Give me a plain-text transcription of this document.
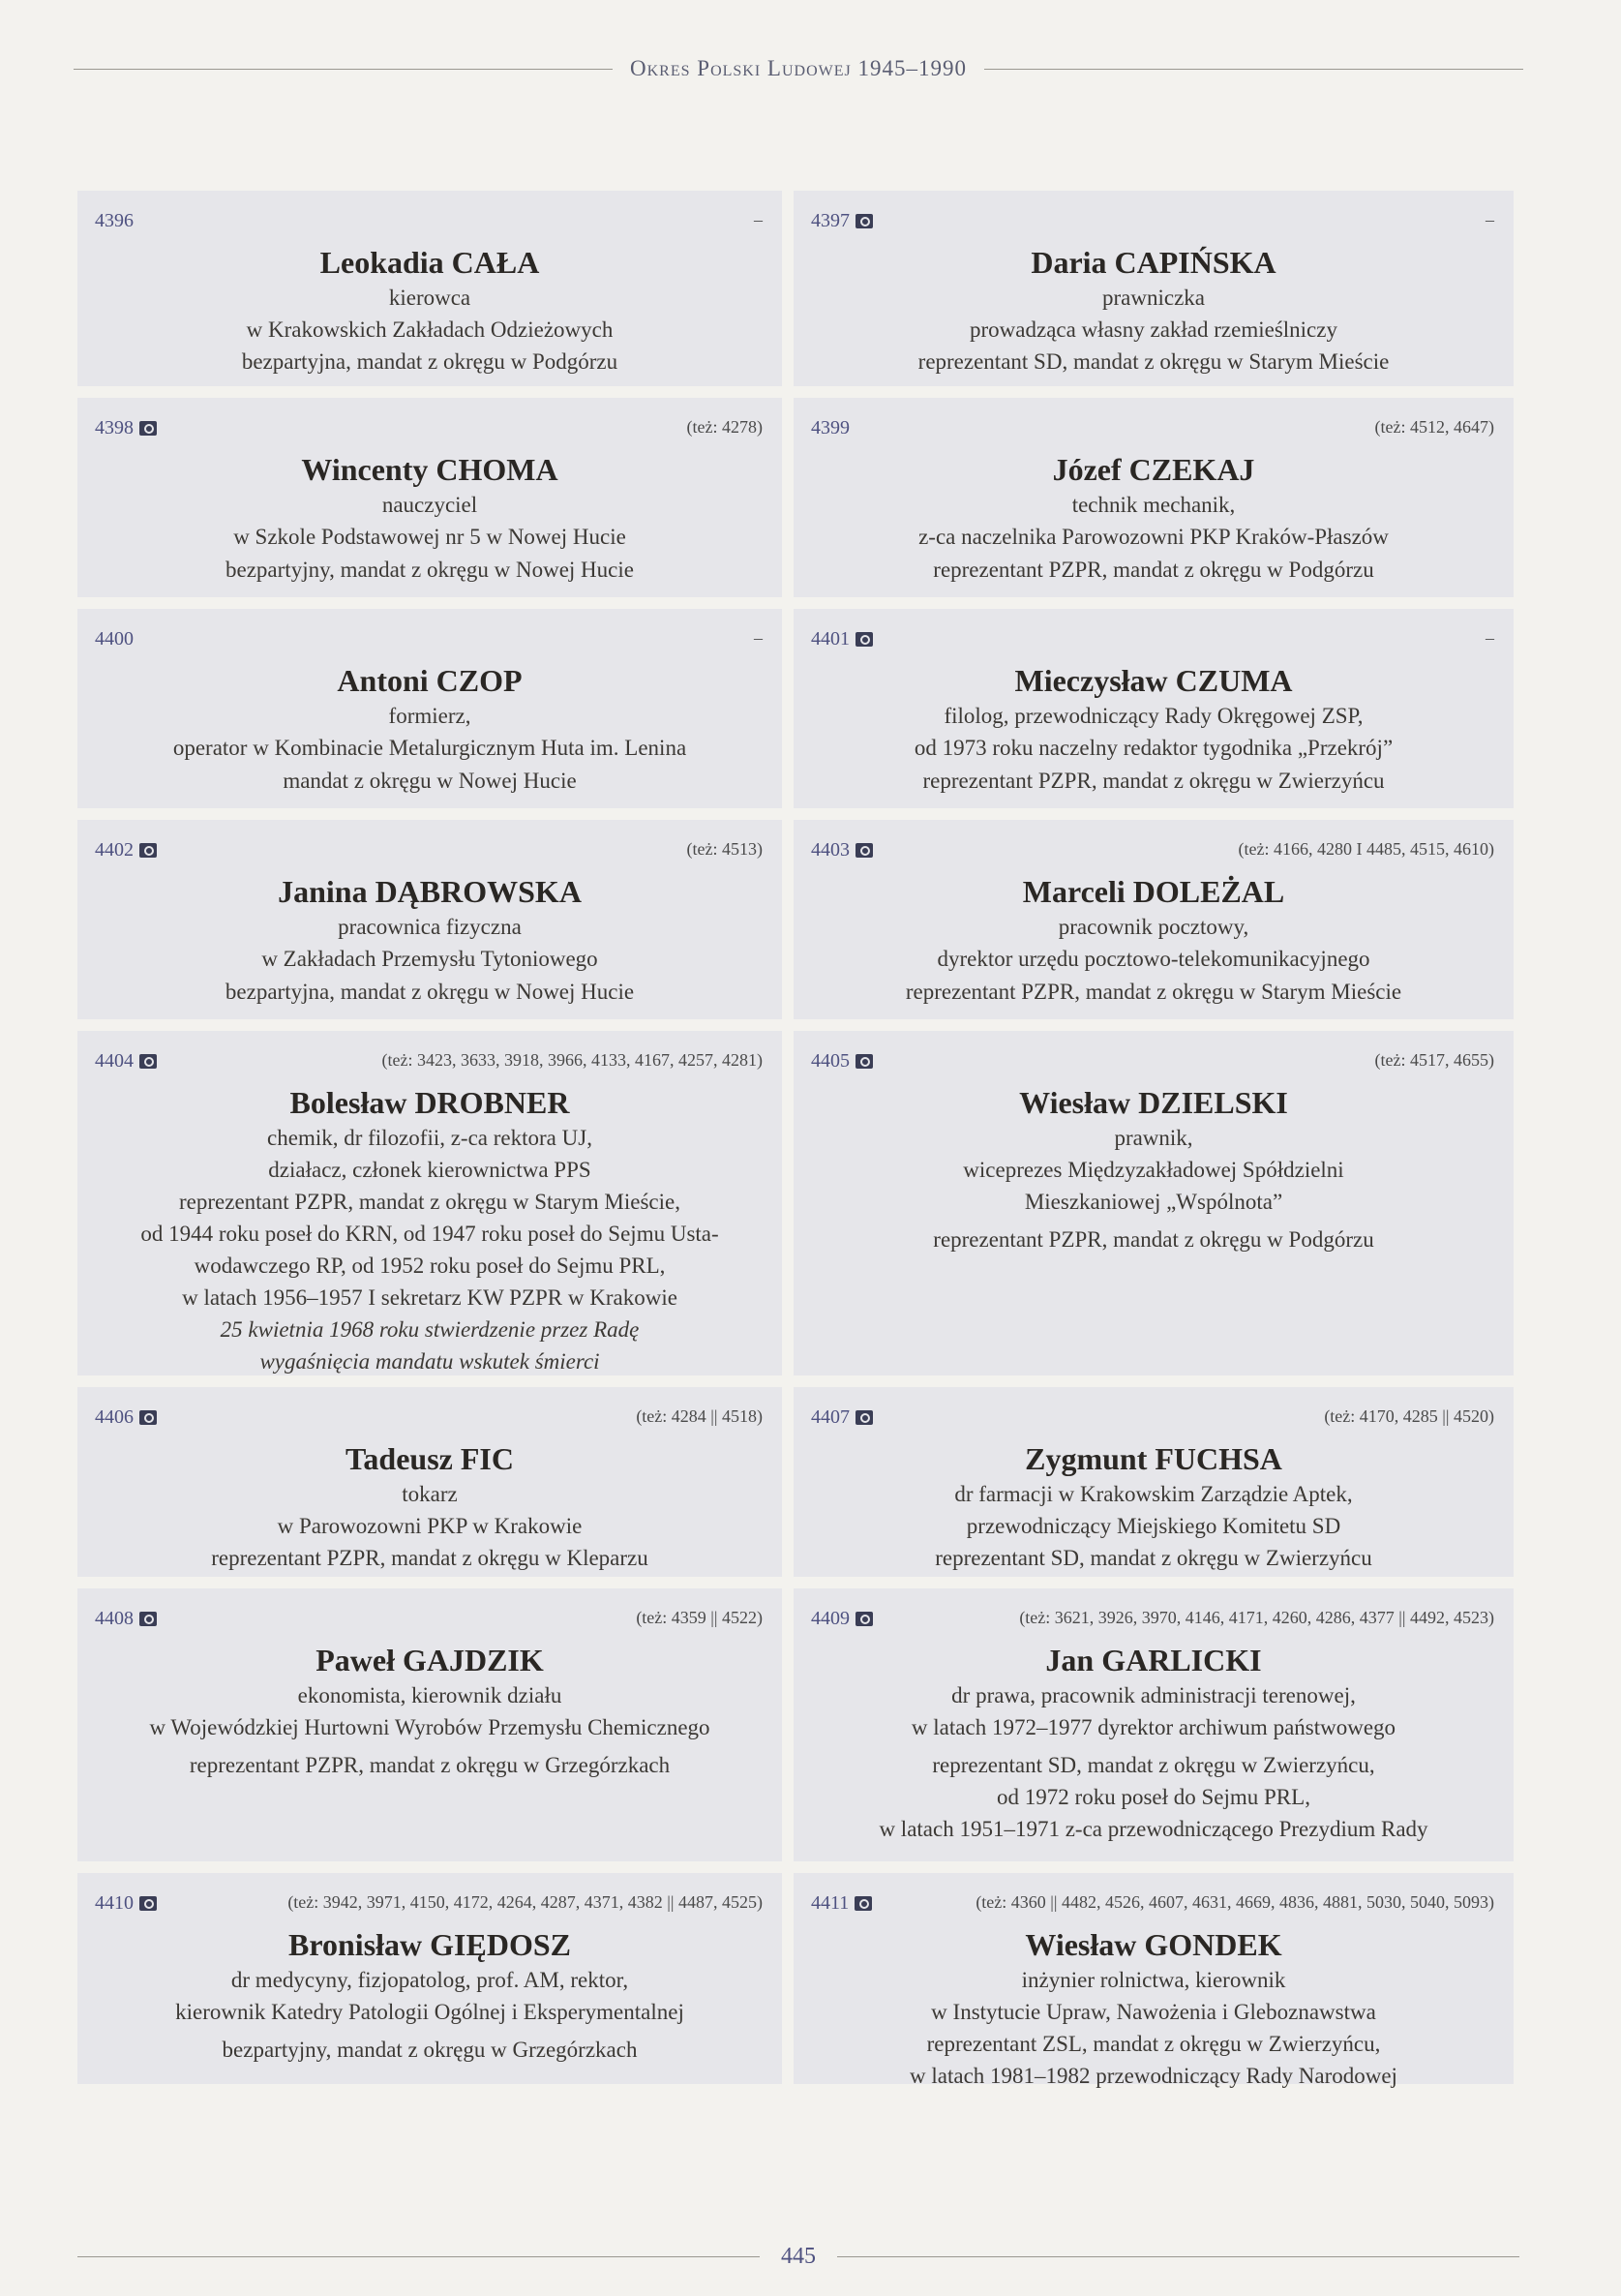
Okres Polski Ludowej 1945–1990
4396	–
Leokadia CAŁA
kierowca
w Krakowskich Zakładach Odzieżowych
bezpartyjna, mandat z okręgu w Podgórzu
4397	–
Daria CAPIŃSKA
prawniczka
prowadząca własny zakład rzemieślniczy
reprezentant SD, mandat z okręgu w Starym Mieście
4398	(też: 4278)
Wincenty CHOMA
nauczyciel
w Szkole Podstawowej nr 5 w Nowej Hucie
bezpartyjny, mandat z okręgu w Nowej Hucie
4399	(też: 4512, 4647)
Józef CZEKAJ
technik mechanik,
z-ca naczelnika Parowozowni PKP Kraków-Płaszów
reprezentant PZPR, mandat z okręgu w Podgórzu
4400	–
Antoni CZOP
formierz,
operator w Kombinacie Metalurgicznym Huta im. Lenina
mandat z okręgu w Nowej Hucie
4401	–
Mieczysław CZUMA
filolog, przewodniczący Rady Okręgowej ZSP,
od 1973 roku naczelny redaktor tygodnika „Przekrój”
reprezentant PZPR, mandat z okręgu w Zwierzyńcu
4402	(też: 4513)
Janina DĄBROWSKA
pracownica fizyczna
w Zakładach Przemysłu Tytoniowego
bezpartyjna, mandat z okręgu w Nowej Hucie
4403	(też: 4166, 4280 I 4485, 4515, 4610)
Marceli DOLEŻAL
pracownik pocztowy,
dyrektor urzędu pocztowo-telekomunikacyjnego
reprezentant PZPR, mandat z okręgu w Starym Mieście
4404	(też: 3423, 3633, 3918, 3966, 4133, 4167, 4257, 4281)
Bolesław DROBNER
chemik, dr filozofii, z-ca rektora UJ,
działacz, członek kierownictwa PPS
reprezentant PZPR, mandat z okręgu w Starym Mieście,
od 1944 roku poseł do KRN, od 1947 roku poseł do Sejmu Usta-
wodawczego RP, od 1952 roku poseł do Sejmu PRL,
w latach 1956–1957 I sekretarz KW PZPR w Krakowie
25 kwietnia 1968 roku stwierdzenie przez Radę
wygaśnięcia mandatu wskutek śmierci
4405	(też: 4517, 4655)
Wiesław DZIELSKI
prawnik,
wiceprezes Międzyzakładowej Spółdzielni
Mieszkaniowej „Wspólnota”
reprezentant PZPR, mandat z okręgu w Podgórzu
4406	(też: 4284 || 4518)
Tadeusz FIC
tokarz
w Parowozowni PKP w Krakowie
reprezentant PZPR, mandat z okręgu w Kleparzu
4407	(też: 4170, 4285 || 4520)
Zygmunt FUCHSA
dr farmacji w Krakowskim Zarządzie Aptek,
przewodniczący Miejskiego Komitetu SD
reprezentant SD, mandat z okręgu w Zwierzyńcu
4408	(też: 4359 || 4522)
Paweł GAJDZIK
ekonomista, kierownik działu
w Wojewódzkiej Hurtowni Wyrobów Przemysłu Chemicznego
reprezentant PZPR, mandat z okręgu w Grzegórzkach
4409	(też: 3621, 3926, 3970, 4146, 4171, 4260, 4286, 4377 || 4492, 4523)
Jan GARLICKI
dr prawa, pracownik administracji terenowej,
w latach 1972–1977 dyrektor archiwum państwowego
reprezentant SD, mandat z okręgu w Zwierzyńcu,
od 1972 roku poseł do Sejmu PRL,
w latach 1951–1971 z-ca przewodniczącego Prezydium Rady
4410	(też: 3942, 3971, 4150, 4172, 4264, 4287, 4371, 4382 || 4487, 4525)
Bronisław GIĘDOSZ
dr medycyny, fizjopatolog, prof. AM, rektor,
kierownik Katedry Patologii Ogólnej i Eksperymentalnej
bezpartyjny, mandat z okręgu w Grzegórzkach
4411	(też: 4360 || 4482, 4526, 4607, 4631, 4669, 4836, 4881, 5030, 5040, 5093)
Wiesław GONDEK
inżynier rolnictwa, kierownik
w Instytucie Upraw, Nawożenia i Gleboznawstwa
reprezentant ZSL, mandat z okręgu w Zwierzyńcu,
w latach 1981–1982 przewodniczący Rady Narodowej
445
